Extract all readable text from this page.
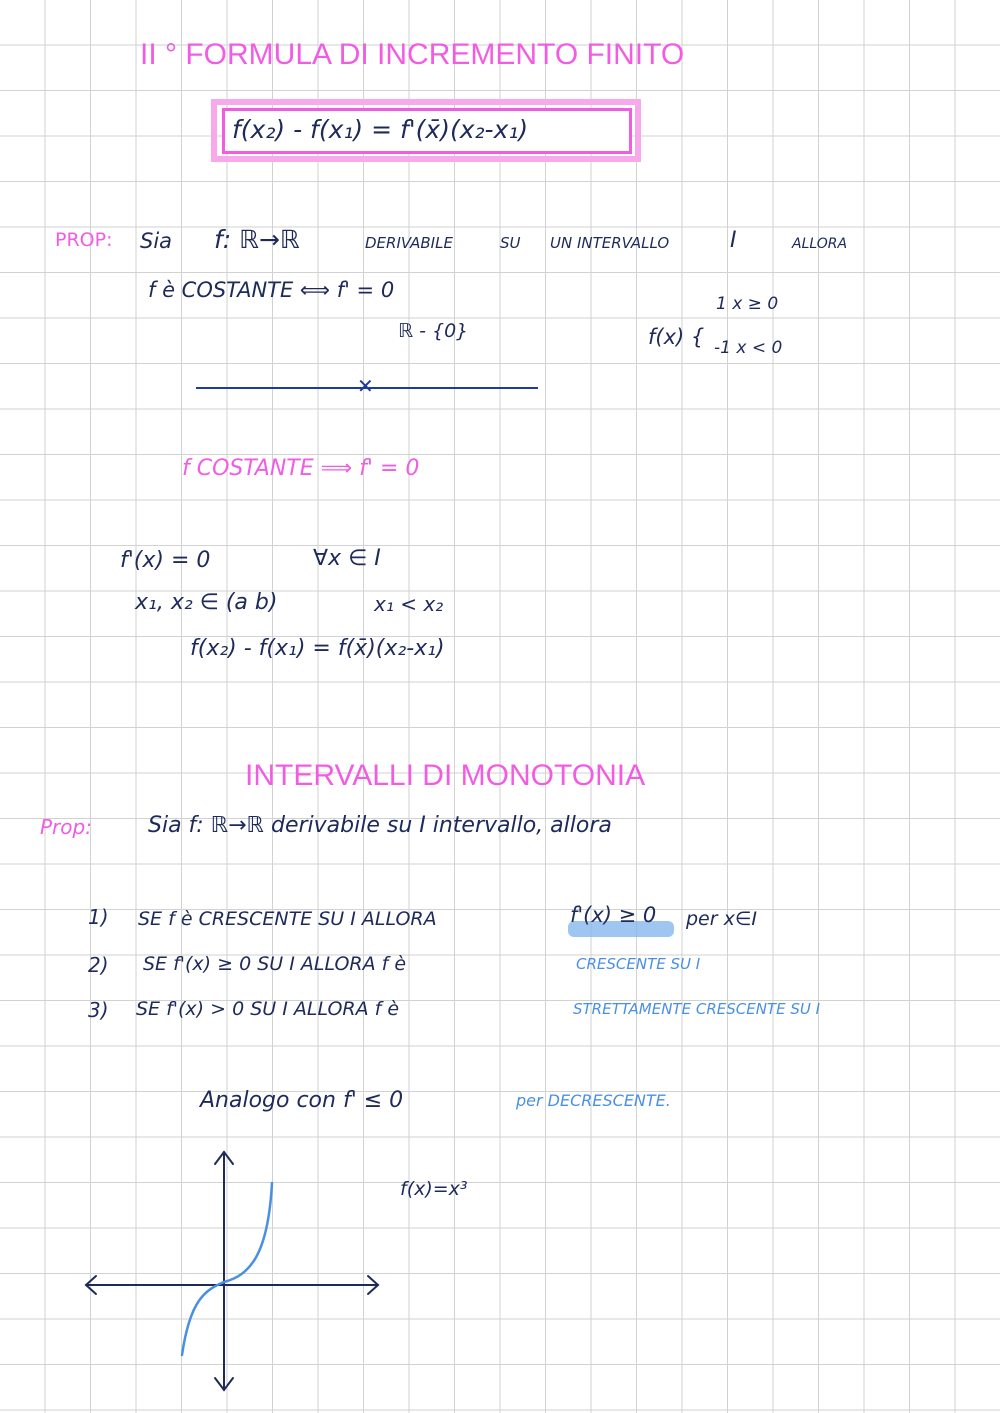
II ° FORMULA DI INCREMENTO FINITO
f(x₂) - f(x₁) = f'(x̄)(x₂-x₁)
PROP: Sia f: ℝ→ℝ	DERIVABILE	SU UN INTERVALLO	I	ALLORA
f è COSTANTE ⟺ f' = 0
ℝ - {0}	f(x) {
1 x ≥ 0
-1 x < 0
✕
f COSTANTE ⟹ f' = 0
f'(x) = 0	∀x ∈ I
x₁, x₂ ∈ (a b)	x₁ < x₂
f(x₂) - f(x₁) = f(x̄)(x₂-x₁)
INTERVALLI DI MONOTONIA
Prop:	Sia f: ℝ→ℝ derivabile su I intervallo, allora
1) SE f è CRESCENTE SU I ALLORA	f'(x) ≥ 0 per x∈I
2) SE f'(x) ≥ 0 SU I ALLORA f è	CRESCENTE SU I
3) SE f'(x) > 0 SU I ALLORA f è	STRETTAMENTE CRESCENTE SU I
Analogo con f' ≤ 0	per DECRESCENTE.
f(x)=x³
